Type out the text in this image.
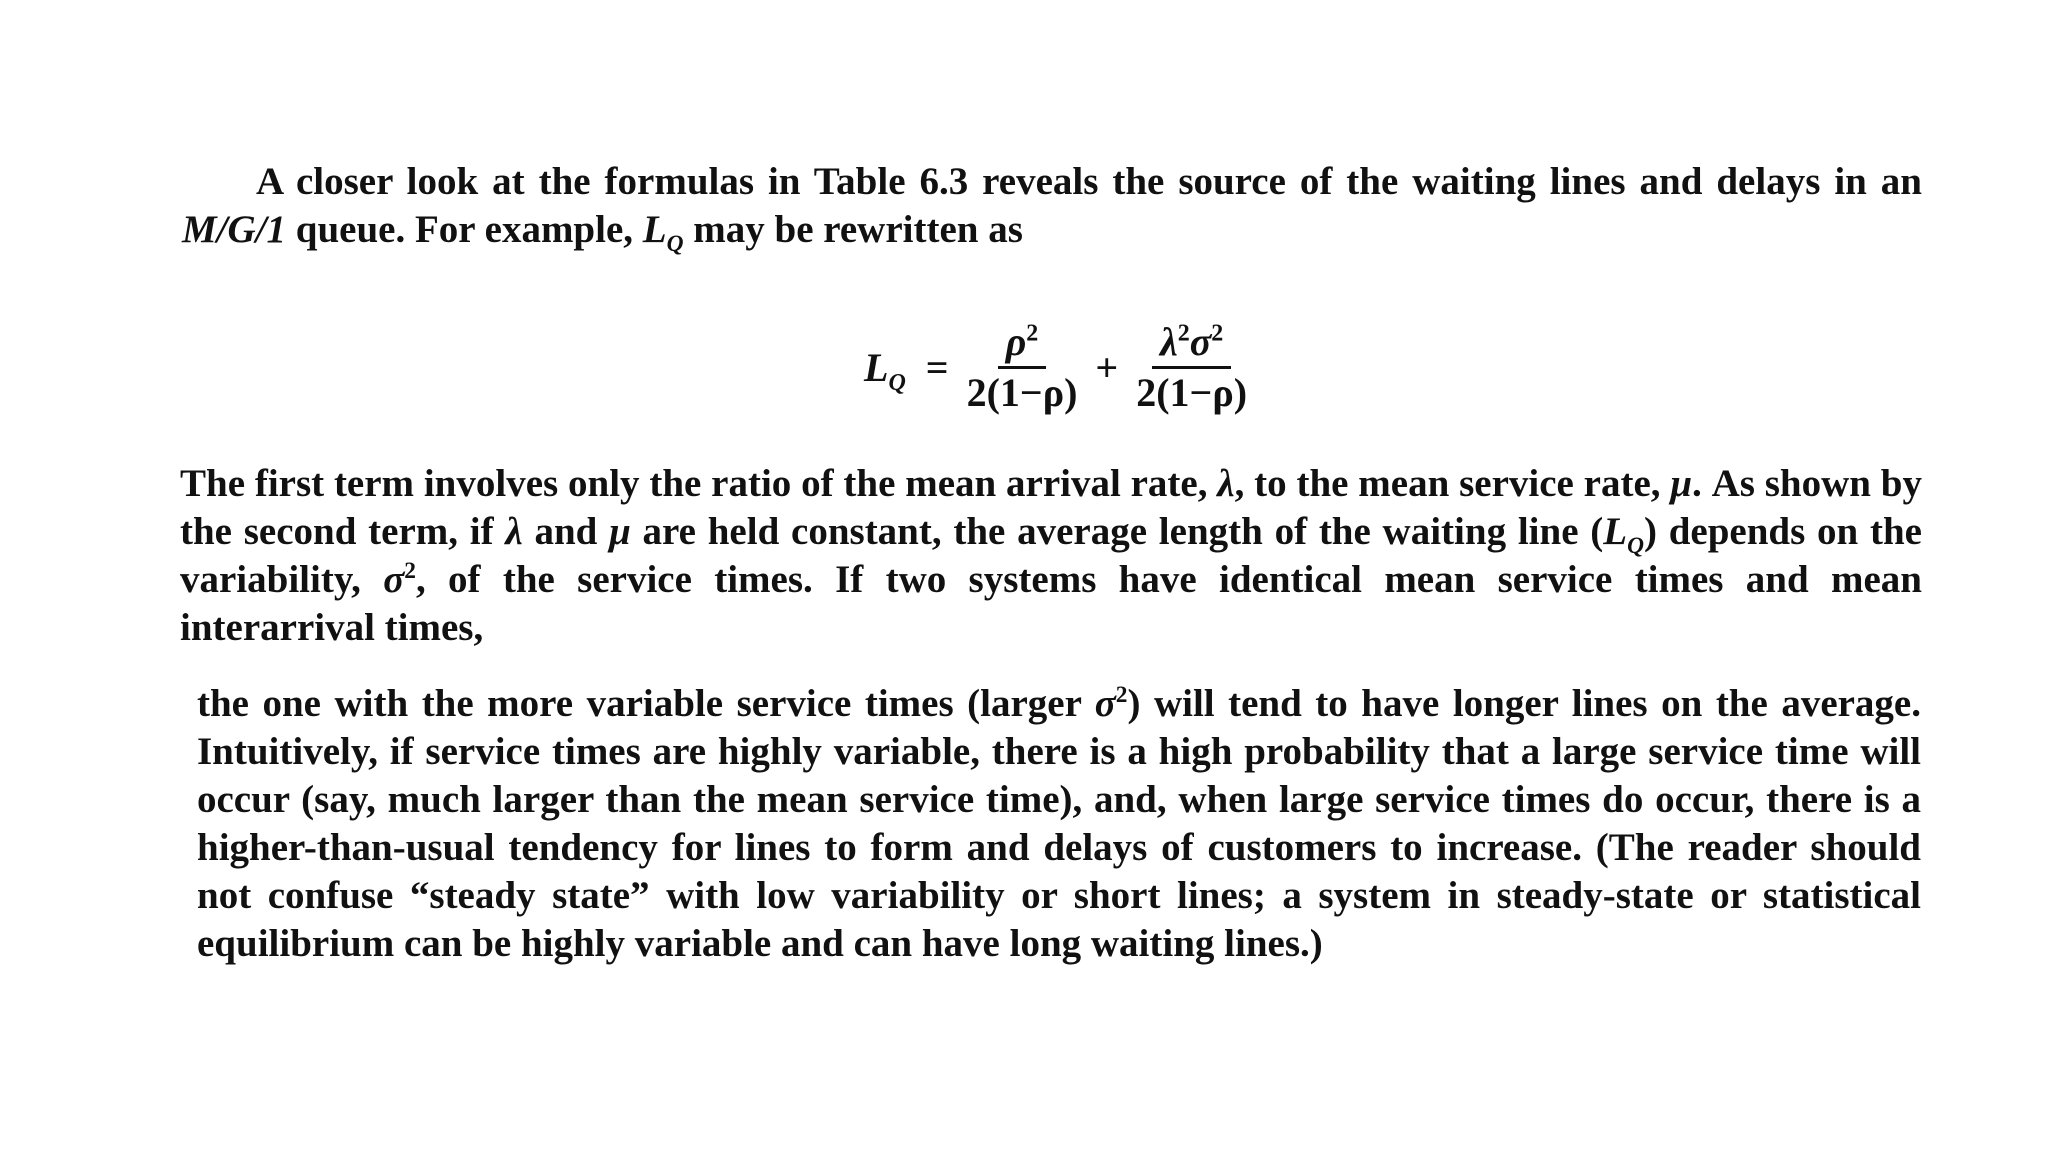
A closer look at the formulas in Table 6.3 reveals the source of the waiting lines and delays in an M/G/1 queue. For example, $L_Q$ may be rewritten as

$L_Q = \frac{\rho^2}{2(1-\rho)} + \frac{\lambda^2\sigma^2}{2(1-\rho)}$

The first term involves only the ratio of the mean arrival rate, λ, to the mean service rate, μ. As shown by the second term, if λ and μ are held constant, the average length of the waiting line $(L_Q)$ depends on the variability, $\sigma^2$, of the service times. If two systems have identical mean service times and mean interarrival times,

the one with the more variable service times (larger $\sigma^2$) will tend to have longer lines on the average. Intuitively, if service times are highly variable, there is a high probability that a large service time will occur (say, much larger than the mean service time), and, when large service times do occur, there is a higher-than-usual tendency for lines to form and delays of customers to increase. (The reader should not confuse “steady state” with low variability or short lines; a system in steady-state or statistical equilibrium can be highly variable and can have long waiting lines.)
